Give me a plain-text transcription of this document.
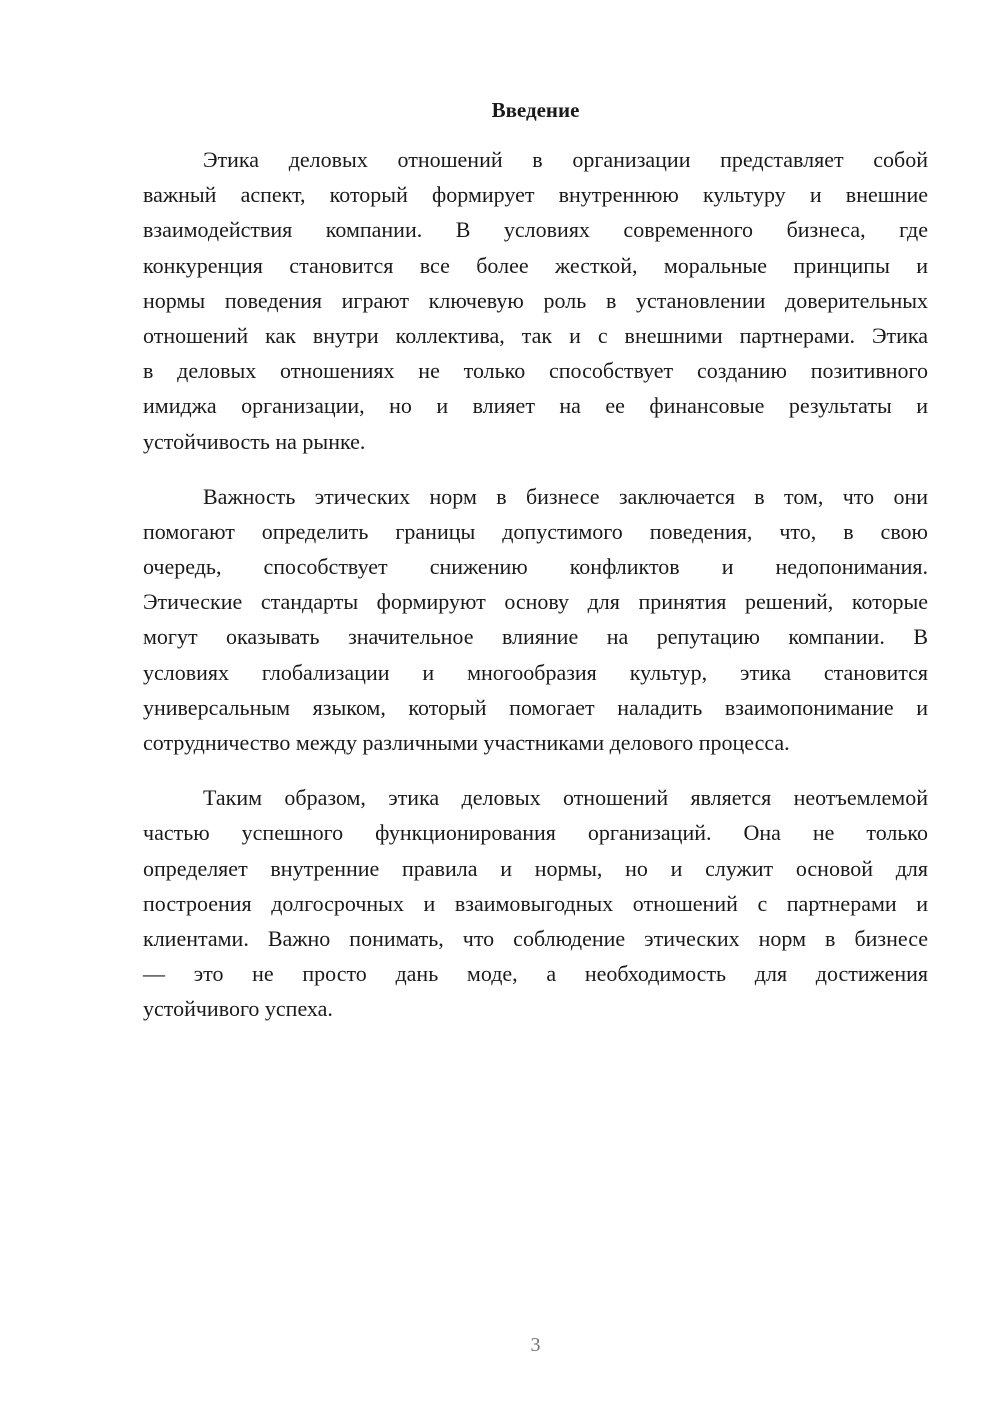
Введение
Этика деловых отношений в организации представляет собой
важный аспект, который формирует внутреннюю культуру и внешние
взаимодействия компании. В условиях современного бизнеса, где
конкуренция становится все более жесткой, моральные принципы и
нормы поведения играют ключевую роль в установлении доверительных
отношений как внутри коллектива, так и с внешними партнерами. Этика
в деловых отношениях не только способствует созданию позитивного
имиджа организации, но и влияет на ее финансовые результаты и
устойчивость на рынке.
Важность этических норм в бизнесе заключается в том, что они
помогают определить границы допустимого поведения, что, в свою
очередь, способствует снижению конфликтов и недопонимания.
Этические стандарты формируют основу для принятия решений, которые
могут оказывать значительное влияние на репутацию компании. В
условиях глобализации и многообразия культур, этика становится
универсальным языком, который помогает наладить взаимопонимание и
сотрудничество между различными участниками делового процесса.
Таким образом, этика деловых отношений является неотъемлемой
частью успешного функционирования организаций. Она не только
определяет внутренние правила и нормы, но и служит основой для
построения долгосрочных и взаимовыгодных отношений с партнерами и
клиентами. Важно понимать, что соблюдение этических норм в бизнесе
— это не просто дань моде, а необходимость для достижения
устойчивого успеха.
3
